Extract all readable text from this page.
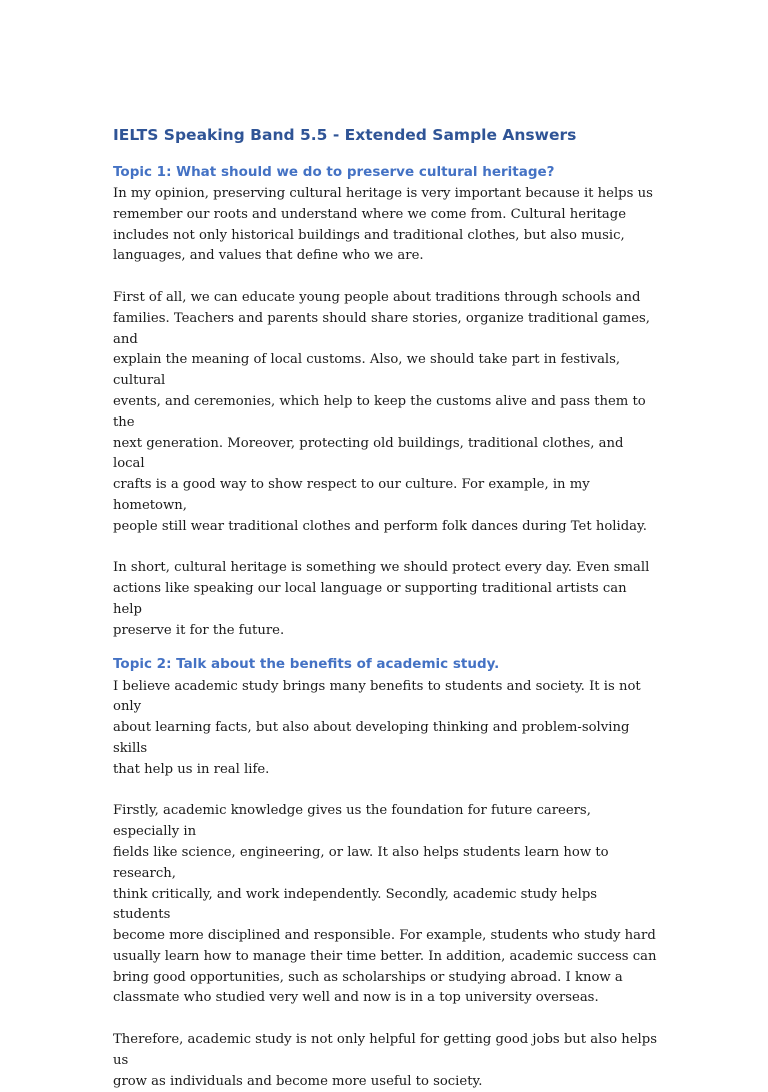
IELTS Speaking Band 5.5 - Extended Sample Answers
Topic 1: What should we do to preserve cultural heritage?

In my opinion, preserving cultural heritage is very important because it helps us
remember our roots and understand where we come from. Cultural heritage
includes not only historical buildings and traditional clothes, but also music,
languages, and values that define who we are.

First of all, we can educate young people about traditions through schools and
families. Teachers and parents should share stories, organize traditional games, and
explain the meaning of local customs. Also, we should take part in festivals, cultural
events, and ceremonies, which help to keep the customs alive and pass them to the
next generation. Moreover, protecting old buildings, traditional clothes, and local
crafts is a good way to show respect to our culture. For example, in my hometown,
people still wear traditional clothes and perform folk dances during Tet holiday.

In short, cultural heritage is something we should protect every day. Even small
actions like speaking our local language or supporting traditional artists can help
preserve it for the future.

Topic 2: Talk about the benefits of academic study.

I believe academic study brings many benefits to students and society. It is not only
about learning facts, but also about developing thinking and problem-solving skills
that help us in real life.

Firstly, academic knowledge gives us the foundation for future careers, especially in
fields like science, engineering, or law. It also helps students learn how to research,
think critically, and work independently. Secondly, academic study helps students
become more disciplined and responsible. For example, students who study hard
usually learn how to manage their time better. In addition, academic success can
bring good opportunities, such as scholarships or studying abroad. I know a
classmate who studied very well and now is in a top university overseas.

Therefore, academic study is not only helpful for getting good jobs but also helps us
grow as individuals and become more useful to society.
